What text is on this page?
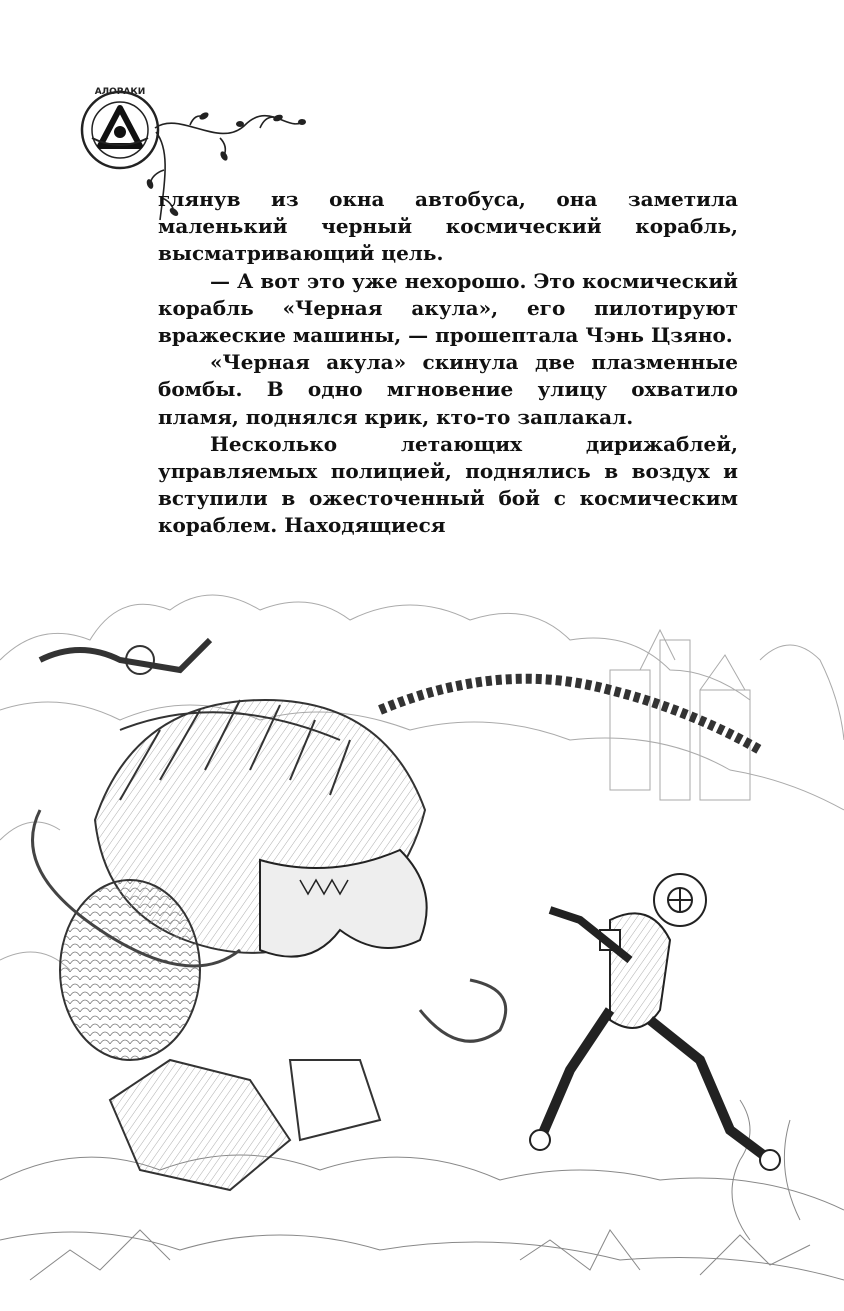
АЛОРАКИ

глянув из окна автобуса, она заметила маленький черный космический корабль, высматривающий цель.

— А вот это уже нехорошо. Это космический корабль «Черная акула», его пилотируют вражеские машины, — прошептала Чэнь Цзяно.

«Черная акула» скинула две плазменные бомбы. В одно мгновение улицу охватило пламя, поднялся крик, кто-то заплакал.

Несколько летающих дирижаблей, управляемых полицией, поднялись в воздух и вступили в ожесточенный бой с космическим кораблем. Находящиеся
